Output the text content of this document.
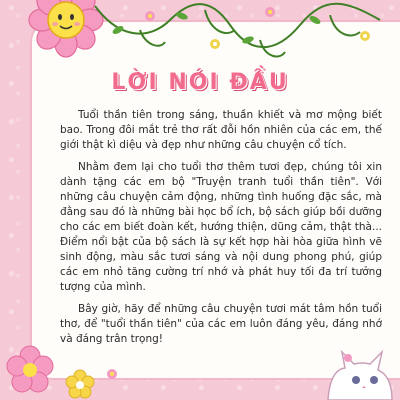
LỜI NÓI ĐẦU

Tuổi thần tiên trong sáng, thuần khiết và mơ mộng biết bao. Trong đôi mắt trẻ thơ rất đỗi hồn nhiên của các em, thế giới thật kì diệu và đẹp như những câu chuyện cổ tích.

Nhằm đem lại cho tuổi thơ thêm tươi đẹp, chúng tôi xin dành tặng các em bộ "Truyện tranh tuổi thần tiên". Với những câu chuyện cảm động, những tình huống đặc sắc, mà đằng sau đó là những bài học bổ ích, bộ sách giúp bồi dưỡng cho các em biết đoàn kết, hướng thiện, dũng cảm, thật thà... Điểm nổi bật của bộ sách là sự kết hợp hài hòa giữa hình vẽ sinh động, màu sắc tươi sáng và nội dung phong phú, giúp các em nhỏ tăng cường trí nhớ và phát huy tối đa trí tưởng tượng của mình.

Bây giờ, hãy để những câu chuyện tươi mát tâm hồn tuổi thơ, để "tuổi thần tiên" của các em luôn đáng yêu, đáng nhớ và đáng trân trọng!
